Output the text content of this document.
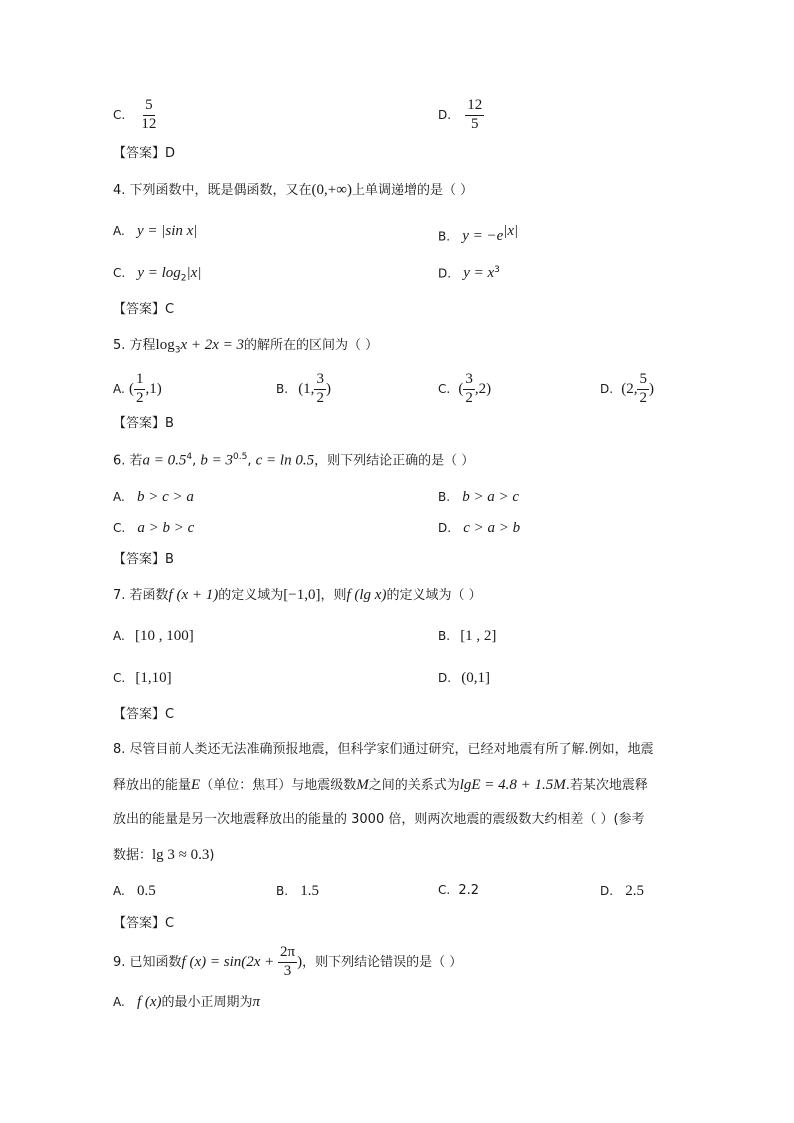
C. $\frac{5}{12}$	D. $\frac{12}{5}$
【答案】D
4. 下列函数中，既是偶函数，又在(0,+∞)上单调递增的是（ ）
A. y = |sin x|	B. $y = -e^{|x|}$
C. $y = \log_2|x|$	D. $y = x^3$
【答案】C
5. 方程$\log_3x + 2x = 3$的解所在的区间为（ ）
A. ( $\frac{1}{2} ,1$)	B. (1, $\frac{3}{2}$ )	C. ( $\frac{3}{2} ,2$)	D. (2, $\frac{5}{2}$ )
【答案】B
6. 若$a = 0.5^4$, $b = 3^{0.5}$, c = ln 0.5，则下列结论正确的是（ ）
A. b > c > a	B. b > a > c
C. a > b > c	D. c > a > b
【答案】B
7. 若函数f (x + 1)的定义域为[−1,0]，则f (lg x)的定义域为（ ）
A. [10 , 100]	B. [1 , 2]
C. [1,10]	D. (0,1]
【答案】C
8. 尽管目前人类还无法准确预报地震，但科学家们通过研究，已经对地震有所了解.例如，地震
释放出的能量E（单位：焦耳）与地震级数M之间的关系式为lgE = 4.8 + 1.5M.若某次地震释
放出的能量是另一次地震释放出的能量的 3000 倍，则两次地震的震级数大约相差（ ）(参考
数据：lg 3 ≈ 0.3)
A. 0.5	B. 1.5	C. 2.2	D. 2.5
【答案】C
9. 已知函数f $(x) = \sin(2x + \frac{2\pi}{3}$ )，则下列结论错误的是（ ）
A. f (x)的最小正周期为π
